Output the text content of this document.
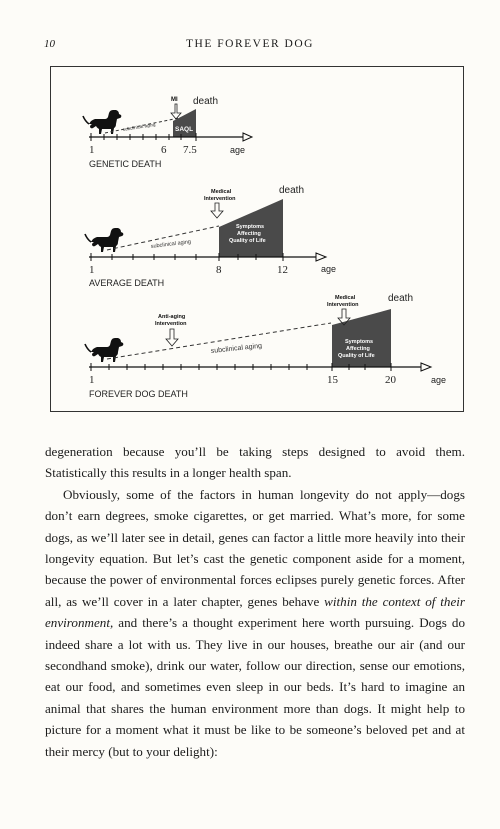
10	THE FOREVER DOG
subclinical aging	SAQL
MI death
1	6 7.5	age
GENETIC DEATH
subclinical aging
Symptoms
Affecting
Quality of Life
Medical
Intervention
death
1	8	12	age
AVERAGE DEATH
subclinical aging
Anti-aging
Intervention
Symptoms
Affecting
Quality of Life
Medical
Intervention
death
1	15	20	age
FOREVER DOG DEATH

degeneration because you’ll be taking steps designed to avoid them. Statistically this results in a longer health span.

Obviously, some of the factors in human longevity do not apply—dogs don’t earn degrees, smoke cigarettes, or get married. What’s more, for some dogs, as we’ll later see in detail, genes can factor a little more heavily into their longevity equation. But let’s cast the genetic component aside for a moment, because the power of environmental forces eclipses purely genetic forces. After all, as we’ll cover in a later chapter, genes behave within the context of their environment, and there’s a thought experiment here worth pursuing. Dogs do indeed share a lot with us. They live in our houses, breathe our air (and our secondhand smoke), drink our water, follow our direction, sense our emotions, eat our food, and sometimes even sleep in our beds. It’s hard to imagine an animal that shares the human environment more than dogs. It might help to picture for a moment what it must be like to be someone’s beloved pet and at their mercy (but to your delight):
